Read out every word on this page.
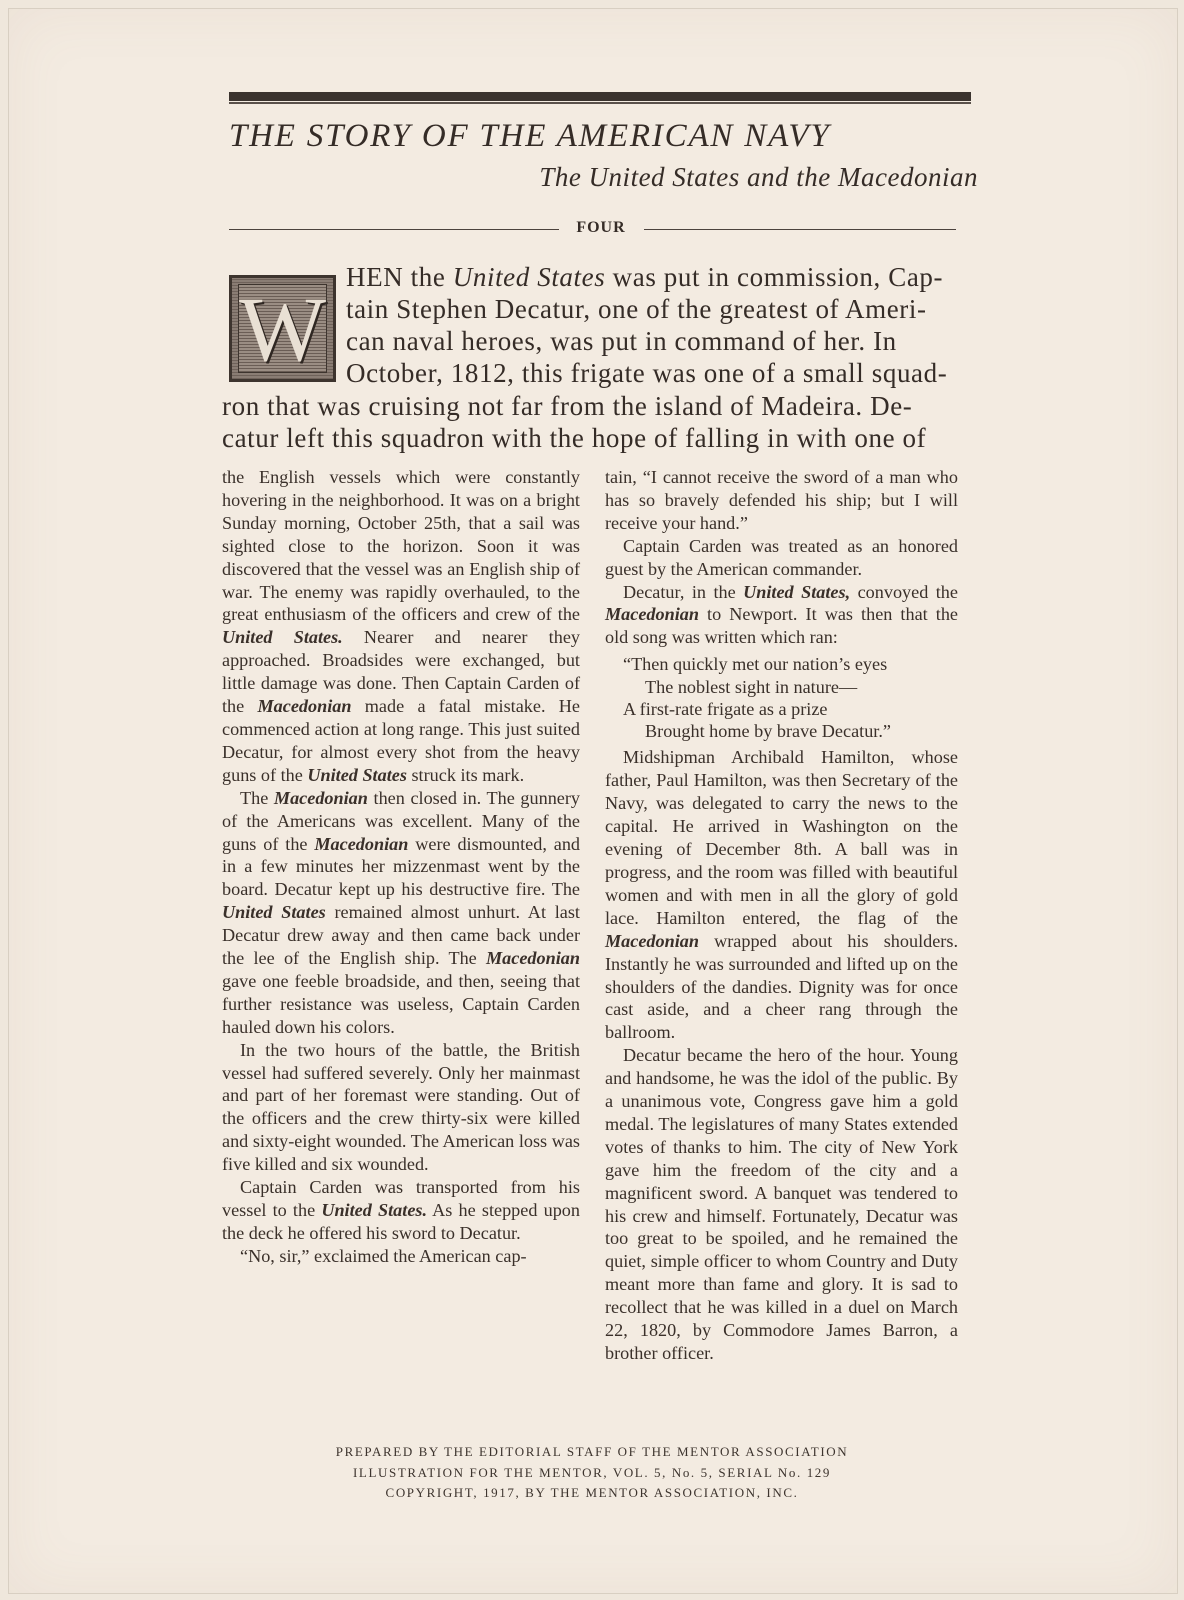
THE STORY OF THE AMERICAN NAVY
The United States and the Macedonian
FOUR
W
HEN the United States was put in commission, Cap-
tain Stephen Decatur, one of the greatest of Ameri-
can naval heroes, was put in command of her. In
October, 1812, this frigate was one of a small squad-
ron that was cruising not far from the island of Madeira. De-
catur left this squadron with the hope of falling in with one of

the English vessels which were constantly hovering in the neighborhood. It was on a bright Sunday morning, October 25th, that a sail was sighted close to the horizon. Soon it was discovered that the vessel was an English ship of war. The enemy was rapidly overhauled, to the great enthusiasm of the officers and crew of the United States. Nearer and nearer they approached. Broadsides were exchanged, but little damage was done. Then Captain Carden of the Macedonian made a fatal mistake. He commenced action at long range. This just suited Decatur, for almost every shot from the heavy guns of the United States struck its mark.

The Macedonian then closed in. The gunnery of the Americans was excellent. Many of the guns of the Macedonian were dismounted, and in a few minutes her mizzenmast went by the board. Decatur kept up his destructive fire. The United States remained almost unhurt. At last Decatur drew away and then came back under the lee of the English ship. The Macedonian gave one feeble broadside, and then, seeing that further resistance was useless, Captain Carden hauled down his colors.

In the two hours of the battle, the British vessel had suffered severely. Only her mainmast and part of her foremast were standing. Out of the officers and the crew thirty-six were killed and sixty-eight wounded. The American loss was five killed and six wounded.

Captain Carden was transported from his vessel to the United States. As he stepped upon the deck he offered his sword to Decatur.

“No, sir,” exclaimed the American cap-

tain, “I cannot receive the sword of a man who has so bravely defended his ship; but I will receive your hand.”

Captain Carden was treated as an honored guest by the American commander.

Decatur, in the United States, convoyed the Macedonian to Newport. It was then that the old song was written which ran:

“Then quickly met our nation’s eyes
The noblest sight in nature—
A first-rate frigate as a prize
Brought home by brave Decatur.”

Midshipman Archibald Hamilton, whose father, Paul Hamilton, was then Secretary of the Navy, was delegated to carry the news to the capital. He arrived in Washington on the evening of December 8th. A ball was in progress, and the room was filled with beautiful women and with men in all the glory of gold lace. Hamilton entered, the flag of the Macedonian wrapped about his shoulders. Instantly he was surrounded and lifted up on the shoulders of the dandies. Dignity was for once cast aside, and a cheer rang through the ballroom.

Decatur became the hero of the hour. Young and handsome, he was the idol of the public. By a unanimous vote, Congress gave him a gold medal. The legislatures of many States extended votes of thanks to him. The city of New York gave him the freedom of the city and a magnificent sword. A banquet was tendered to his crew and himself. Fortunately, Decatur was too great to be spoiled, and he remained the quiet, simple officer to whom Country and Duty meant more than fame and glory. It is sad to recollect that he was killed in a duel on March 22, 1820, by Commodore James Barron, a brother officer.

PREPARED BY THE EDITORIAL STAFF OF THE MENTOR ASSOCIATION
ILLUSTRATION FOR THE MENTOR, VOL. 5, No. 5, SERIAL No. 129
COPYRIGHT, 1917, BY THE MENTOR ASSOCIATION, INC.
